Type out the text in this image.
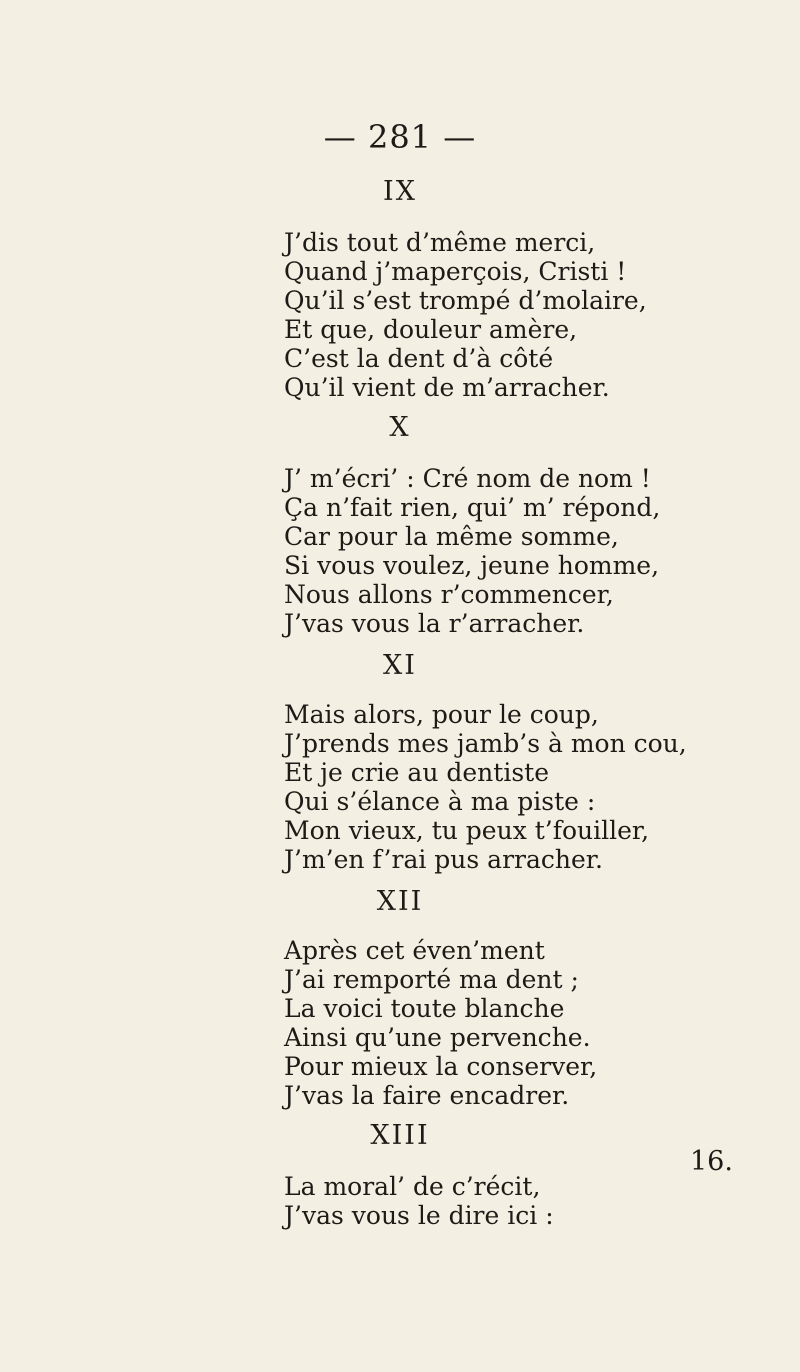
— 281 —
IX
J’dis tout d’même merci,
Quand j’maperçois, Cristi !
Qu’il s’est trompé d’molaire,
Et que, douleur amère,
C’est la dent d’à côté
Qu’il vient de m’arracher.
X
J’ m’écri’ : Cré nom de nom !
Ça n’fait rien, qui’ m’ répond,
Car pour la même somme,
Si vous voulez, jeune homme,
Nous allons r’commencer,
J’vas vous la r’arracher.
XI
Mais alors, pour le coup,
J’prends mes jamb’s à mon cou,
Et je crie au dentiste
Qui s’élance à ma piste :
Mon vieux, tu peux t’fouiller,
J’m’en f’rai pus arracher.
XII
Après cet éven’ment
J’ai remporté ma dent ;
La voici toute blanche
Ainsi qu’une pervenche.
Pour mieux la conserver,
J’vas la faire encadrer.
XIII
La moral’ de c’récit,
J’vas vous le dire ici :
16.
